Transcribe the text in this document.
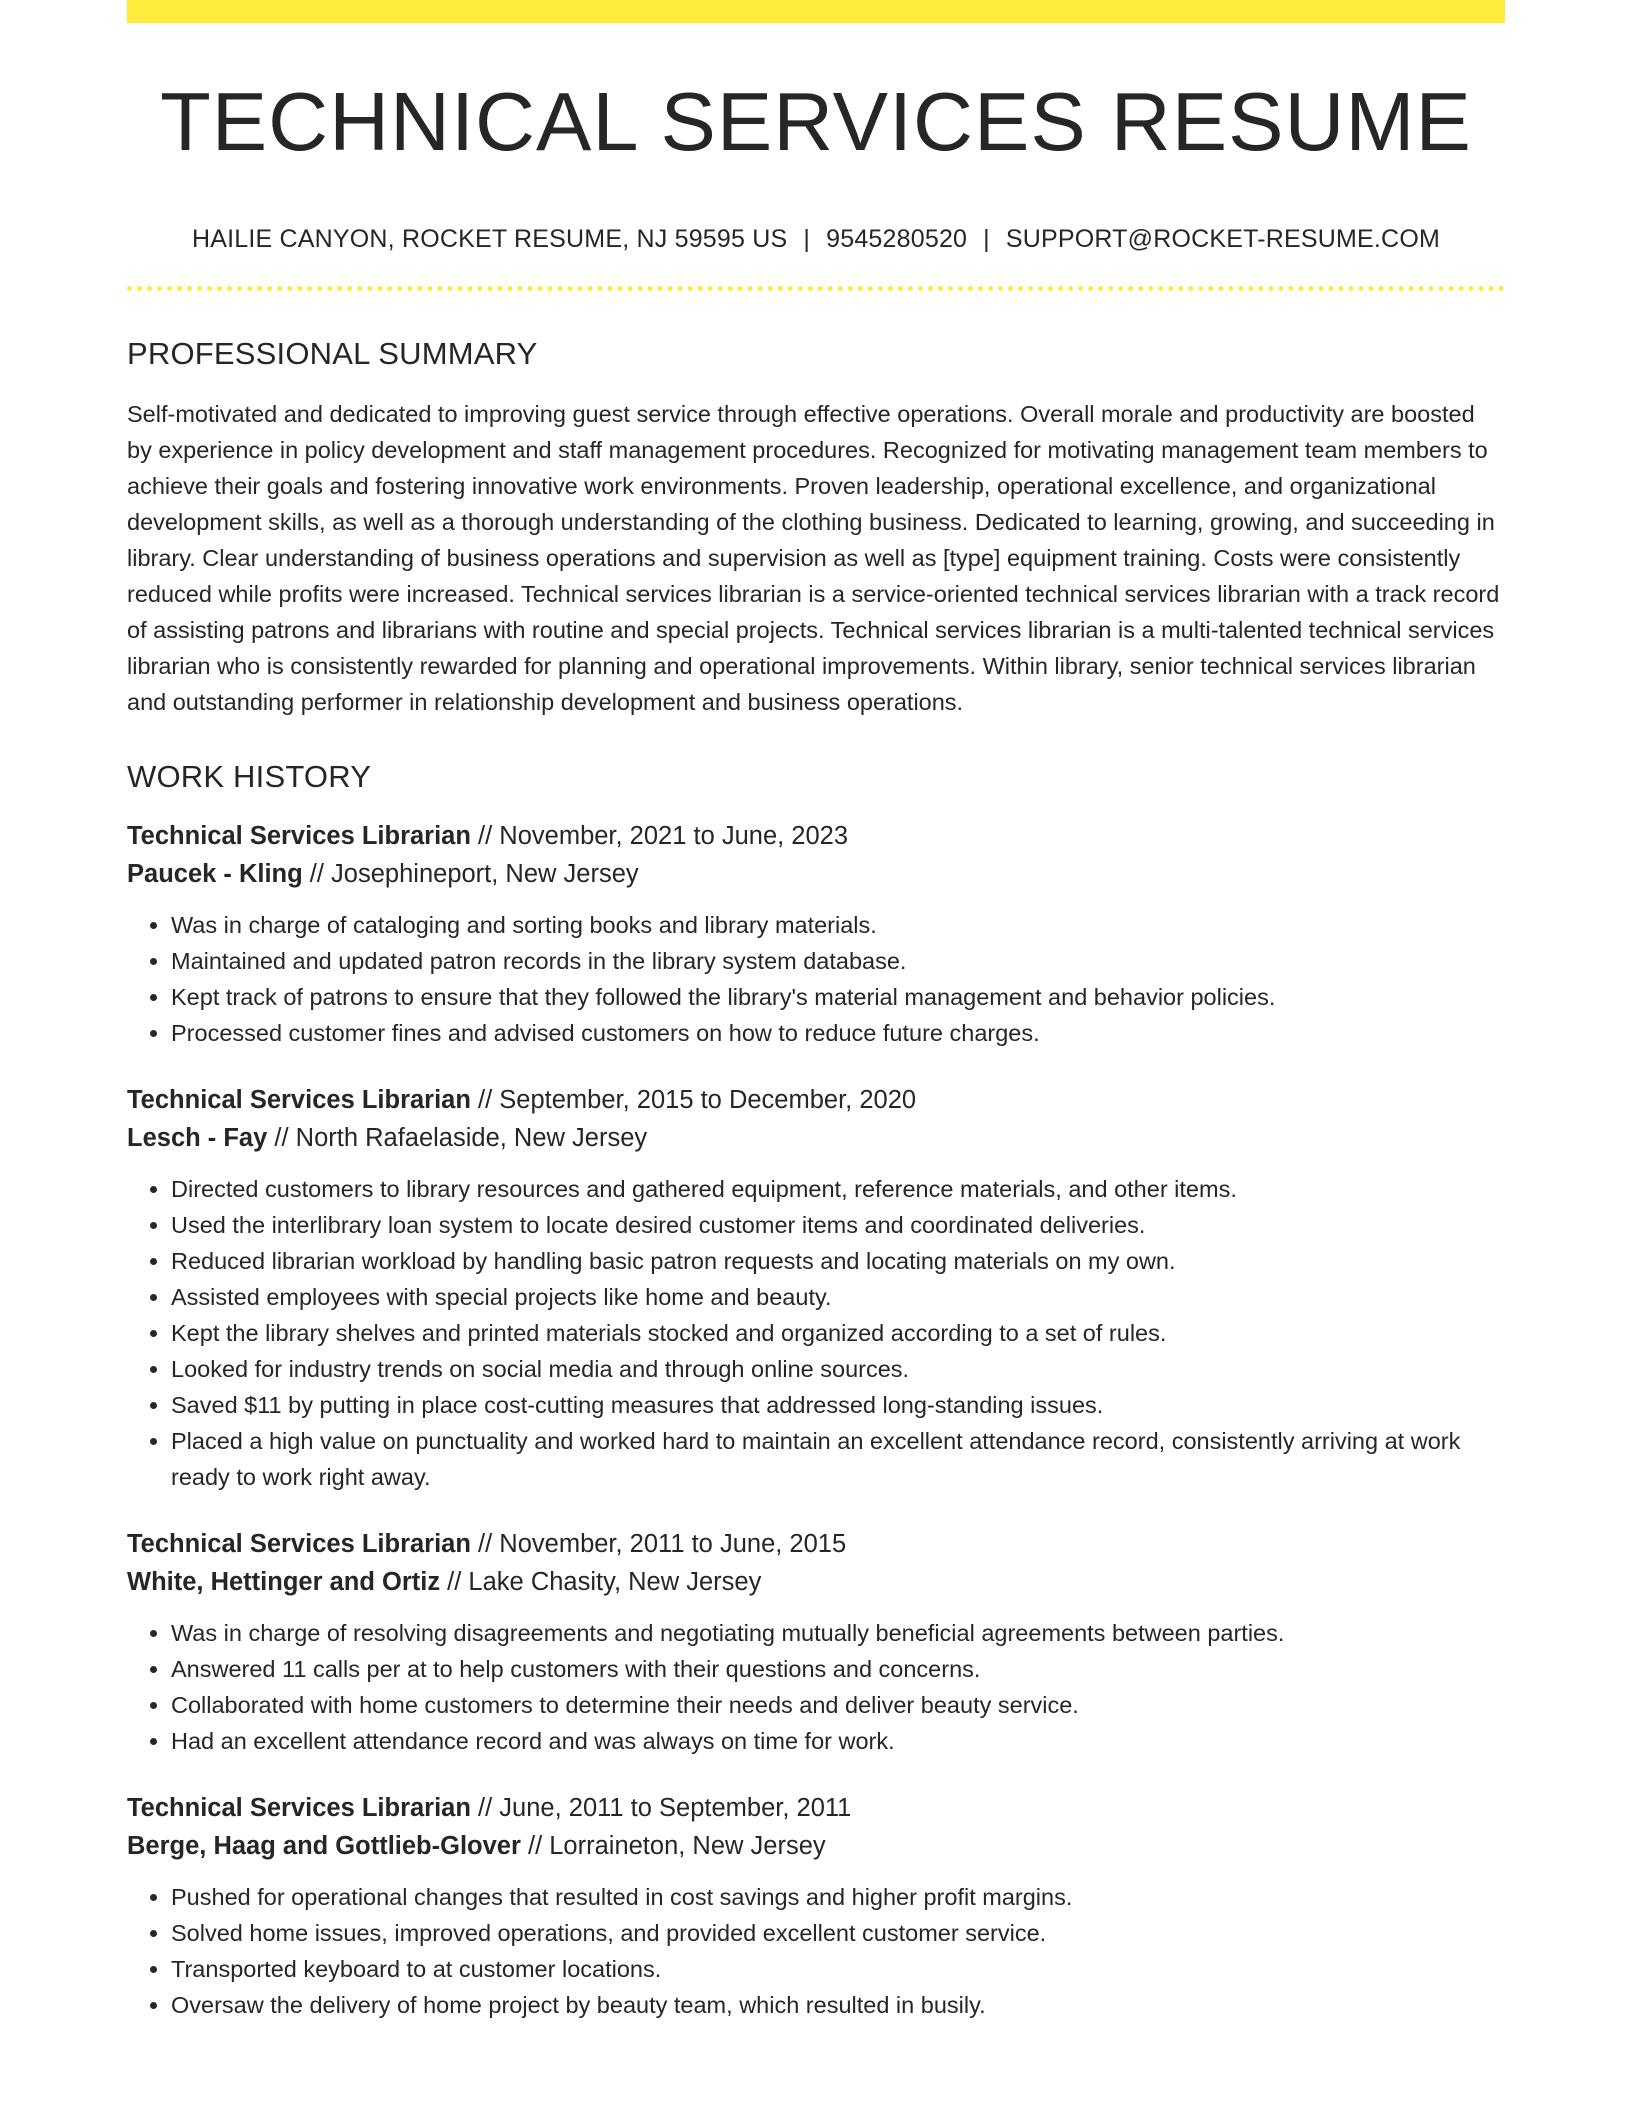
TECHNICAL SERVICES RESUME
HAILIE CANYON, ROCKET RESUME, NJ 59595 US | 9545280520 | SUPPORT@ROCKET-RESUME.COM
PROFESSIONAL SUMMARY

Self-motivated and dedicated to improving guest service through effective operations. Overall morale and productivity are boosted by experience in policy development and staff management procedures. Recognized for motivating management team members to achieve their goals and fostering innovative work environments. Proven leadership, operational excellence, and organizational development skills, as well as a thorough understanding of the clothing business. Dedicated to learning, growing, and succeeding in library. Clear understanding of business operations and supervision as well as [type] equipment training. Costs were consistently reduced while profits were increased. Technical services librarian is a service-oriented technical services librarian with a track record of assisting patrons and librarians with routine and special projects. Technical services librarian is a multi-talented technical services librarian who is consistently rewarded for planning and operational improvements. Within library, senior technical services librarian and outstanding performer in relationship development and business operations.

WORK HISTORY
Technical Services Librarian // November, 2021 to June, 2023
Paucek - Kling // Josephineport, New Jersey
• Was in charge of cataloging and sorting books and library materials.
• Maintained and updated patron records in the library system database.
• Kept track of patrons to ensure that they followed the library's material management and behavior policies.
• Processed customer fines and advised customers on how to reduce future charges.
Technical Services Librarian // September, 2015 to December, 2020
Lesch - Fay // North Rafaelaside, New Jersey
• Directed customers to library resources and gathered equipment, reference materials, and other items.
• Used the interlibrary loan system to locate desired customer items and coordinated deliveries.
• Reduced librarian workload by handling basic patron requests and locating materials on my own.
• Assisted employees with special projects like home and beauty.
• Kept the library shelves and printed materials stocked and organized according to a set of rules.
• Looked for industry trends on social media and through online sources.
• Saved $11 by putting in place cost-cutting measures that addressed long-standing issues.
• Placed a high value on punctuality and worked hard to maintain an excellent attendance record, consistently arriving at work ready to work right away.
Technical Services Librarian // November, 2011 to June, 2015
White, Hettinger and Ortiz // Lake Chasity, New Jersey
• Was in charge of resolving disagreements and negotiating mutually beneficial agreements between parties.
• Answered 11 calls per at to help customers with their questions and concerns.
• Collaborated with home customers to determine their needs and deliver beauty service.
• Had an excellent attendance record and was always on time for work.
Technical Services Librarian // June, 2011 to September, 2011
Berge, Haag and Gottlieb-Glover // Lorraineton, New Jersey
• Pushed for operational changes that resulted in cost savings and higher profit margins.
• Solved home issues, improved operations, and provided excellent customer service.
• Transported keyboard to at customer locations.
• Oversaw the delivery of home project by beauty team, which resulted in busily.
